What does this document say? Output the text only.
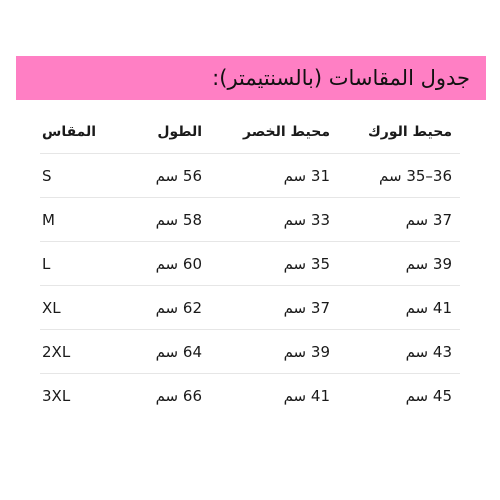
جدول المقاسات (بالسنتيمتر):
محيط الورك
محيط الخصر
الطول
المقاس
36–35 سم
31 سم
56 سم
S
37 سم
33 سم
58 سم
M
39 سم
35 سم
60 سم
L
41 سم
37 سم
62 سم
XL
43 سم
39 سم
64 سم
2XL
45 سم
41 سم
66 سم
3XL
